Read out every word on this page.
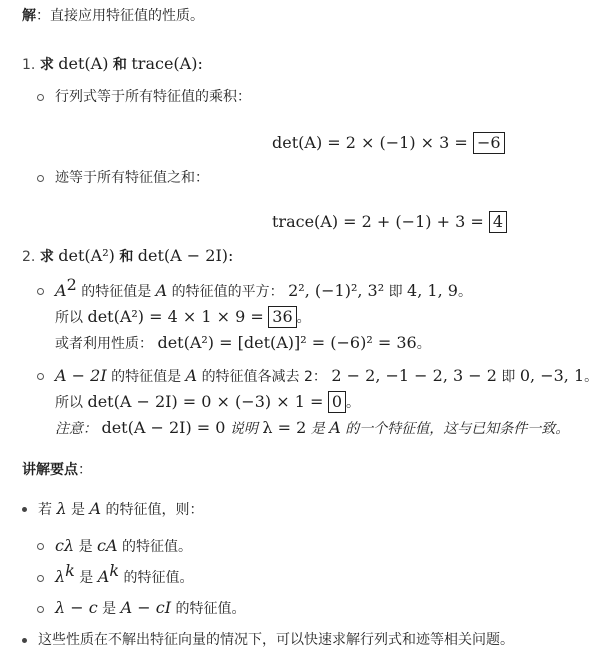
解：直接应用特征值的性质。
1. 求 det(A) 和 trace(A):
行列式等于所有特征值的乘积：
det(A) = 2 × (−1) × 3 = −6
迹等于所有特征值之和：
trace(A) = 2 + (−1) + 3 = 4
2. 求 det(A²) 和 det(A − 2I):
$A^2$ 的特征值是 A 的特征值的平方： 2², (−1)², 3² 即 4, 1, 9。
所以 det(A²) = 4 × 1 × 9 = 36 。
或者利用性质： det(A²) = [det(A)]² = (−6)² = 36。
A − 2I 的特征值是 A 的特征值各减去 2： 2 − 2, −1 − 2, 3 − 2 即 0, −3, 1。
所以 det(A − 2I) = 0 × (−3) × 1 = 0 。
注意： det(A − 2I) = 0 说明 λ = 2 是 A 的一个特征值，这与已知条件一致。
讲解要点：
若 λ 是 A 的特征值，则：
cλ 是 cA 的特征值。
$\lambda^k$ 是 $A^k$ 的特征值。
λ − c 是 A − cI 的特征值。
这些性质在不解出特征向量的情况下，可以快速求解行列式和迹等相关问题。
